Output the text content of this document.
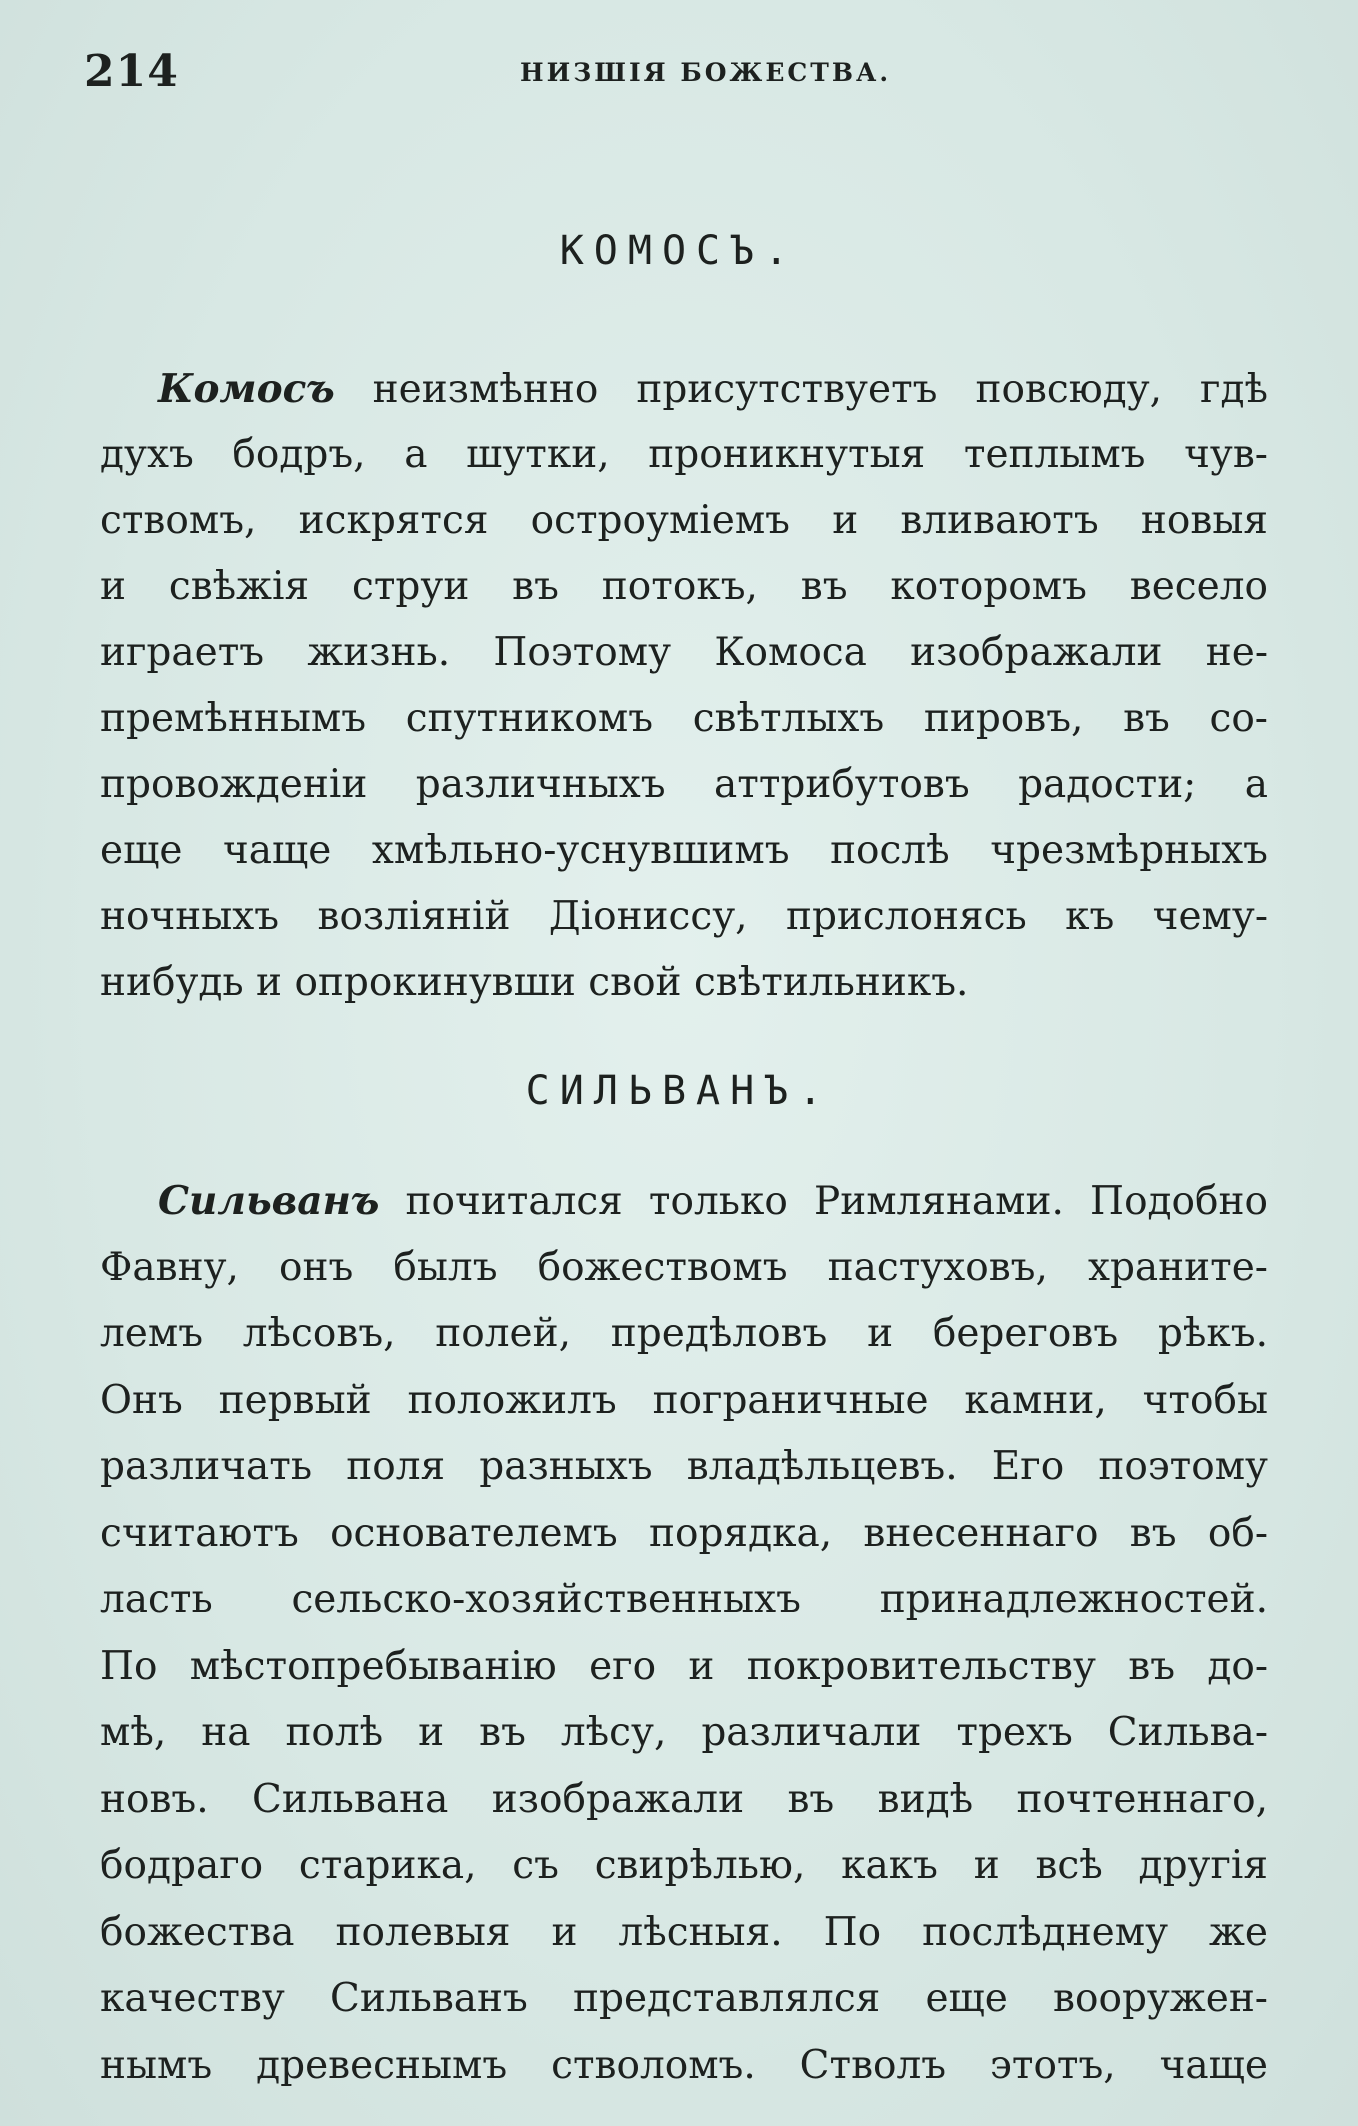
214	НИЗШІЯ БОЖЕСТВА.
КОМОСЪ.
Комосъ неизмѣнно присутствуетъ повсюду, гдѣ
духъ бодръ, а шутки, проникнутыя теплымъ чув-
ствомъ, искрятся остроуміемъ и вливаютъ новыя
и свѣжія струи въ потокъ, въ которомъ весело
играетъ жизнь. Поэтому Комоса изображали не-
премѣннымъ спутникомъ свѣтлыхъ пировъ, въ со-
провожденіи различныхъ аттрибутовъ радости; а
еще чаще хмѣльно-уснувшимъ послѣ чрезмѣрныхъ
ночныхъ возліяній Діониссу, прислонясь къ чему-
нибудь и опрокинувши свой свѣтильникъ.
СИЛЬВАНЪ.
Сильванъ почитался только Римлянами. Подобно
Фавну, онъ былъ божествомъ пастуховъ, храните-
лемъ лѣсовъ, полей, предѣловъ и береговъ рѣкъ.
Онъ первый положилъ пограничные камни, чтобы
различать поля разныхъ владѣльцевъ. Его поэтому
считаютъ основателемъ порядка, внесеннаго въ об-
ласть сельско-хозяйственныхъ принадлежностей.
По мѣстопребыванію его и покровительству въ до-
мѣ, на полѣ и въ лѣсу, различали трехъ Сильва-
новъ. Сильвана изображали въ видѣ почтеннаго,
бодраго старика, съ свирѣлью, какъ и всѣ другія
божества полевыя и лѣсныя. По послѣднему же
качеству Сильванъ представлялся еще вооружен-
нымъ древеснымъ стволомъ. Стволъ этотъ, чаще
